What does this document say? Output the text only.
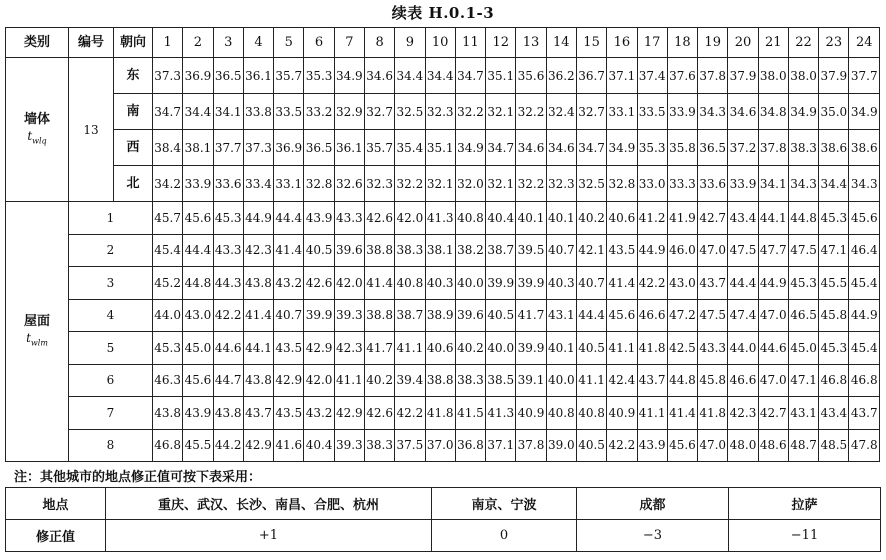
续表 H.0.1-3
类别	编号	朝向	1	2	3	4	5	6	7	8	9	10	11	12	13	14	15	16	17	18	19	20	21	22	23	24

墙体
$t_{wlq}$	13	东	37.3	36.9	36.5	36.1	35.7	35.3	34.9	34.6	34.4	34.4	34.7	35.1	35.6	36.2	36.7	37.1	37.4	37.6	37.8	37.9	38.0	38.0	37.9	37.7
		南	34.7	34.4	34.1	33.8	33.5	33.2	32.9	32.7	32.5	32.3	32.2	32.1	32.2	32.4	32.7	33.1	33.5	33.9	34.3	34.6	34.8	34.9	35.0	34.9
		西	38.4	38.1	37.7	37.3	36.9	36.5	36.1	35.7	35.4	35.1	34.9	34.7	34.6	34.6	34.7	34.9	35.3	35.8	36.5	37.2	37.8	38.3	38.6	38.6
		北	34.2	33.9	33.6	33.4	33.1	32.8	32.6	32.3	32.2	32.1	32.0	32.1	32.2	32.3	32.5	32.8	33.0	33.3	33.6	33.9	34.1	34.3	34.4	34.3

屋面
$t_{wlm}$	1		45.7	45.6	45.3	44.9	44.4	43.9	43.3	42.6	42.0	41.3	40.8	40.4	40.1	40.1	40.2	40.6	41.2	41.9	42.7	43.4	44.1	44.8	45.3	45.6
	2		45.4	44.4	43.3	42.3	41.4	40.5	39.6	38.8	38.3	38.1	38.2	38.7	39.5	40.7	42.1	43.5	44.9	46.0	47.0	47.5	47.7	47.5	47.1	46.4
	3		45.2	44.8	44.3	43.8	43.2	42.6	42.0	41.4	40.8	40.3	40.0	39.9	39.9	40.3	40.7	41.4	42.2	43.0	43.7	44.4	44.9	45.3	45.5	45.4
	4		44.0	43.0	42.2	41.4	40.7	39.9	39.3	38.8	38.7	38.9	39.6	40.5	41.7	43.1	44.4	45.6	46.6	47.2	47.5	47.4	47.0	46.5	45.8	44.9
	5		45.3	45.0	44.6	44.1	43.5	42.9	42.3	41.7	41.1	40.6	40.2	40.0	39.9	40.1	40.5	41.1	41.8	42.5	43.3	44.0	44.6	45.0	45.3	45.4
	6		46.3	45.6	44.7	43.8	42.9	42.0	41.1	40.2	39.4	38.8	38.3	38.5	39.1	40.0	41.1	42.4	43.7	44.8	45.8	46.6	47.0	47.1	46.8	46.8
	7		43.8	43.9	43.8	43.7	43.5	43.2	42.9	42.6	42.2	41.8	41.5	41.3	40.9	40.8	40.8	40.9	41.1	41.4	41.8	42.3	42.7	43.1	43.4	43.7
	8		46.8	45.5	44.2	42.9	41.6	40.4	39.3	38.3	37.5	37.0	36.8	37.1	37.8	39.0	40.5	42.2	43.9	45.6	47.0	48.0	48.6	48.7	48.5	47.8
注：其他城市的地点修正值可按下表采用：
地点	重庆、武汉、长沙、南昌、合肥、杭州	南京、宁波	成都	拉萨
修正值	+1	0	−3	−11
